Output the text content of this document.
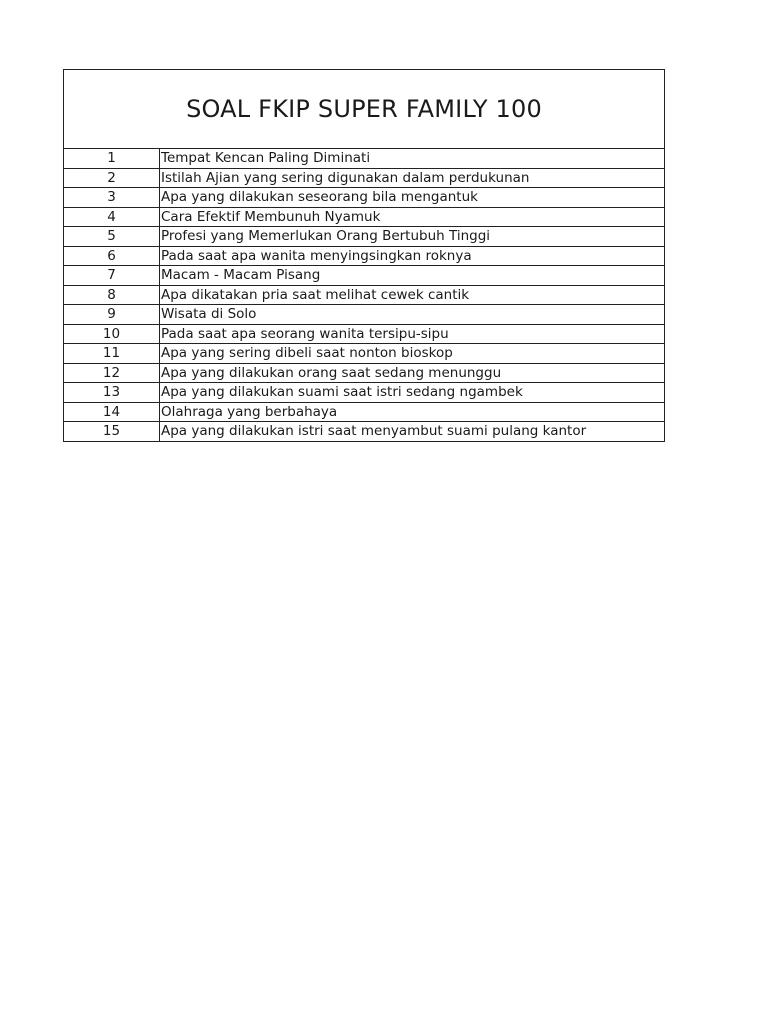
SOAL FKIP SUPER FAMILY 100	
1	Tempat Kencan Paling Diminati
2	Istilah Ajian yang sering digunakan dalam perdukunan
3	Apa yang dilakukan seseorang bila mengantuk
4	Cara Efektif Membunuh Nyamuk
5	Profesi yang Memerlukan Orang Bertubuh Tinggi
6	Pada saat apa wanita menyingsingkan roknya
7	Macam - Macam Pisang
8	Apa dikatakan pria saat melihat cewek cantik
9	Wisata di Solo
10	Pada saat apa seorang wanita tersipu-sipu
11	Apa yang sering dibeli saat nonton bioskop
12	Apa yang dilakukan orang saat sedang menunggu
13	Apa yang dilakukan suami saat istri sedang ngambek
14	Olahraga yang berbahaya
15	Apa yang dilakukan istri saat menyambut suami pulang kantor
